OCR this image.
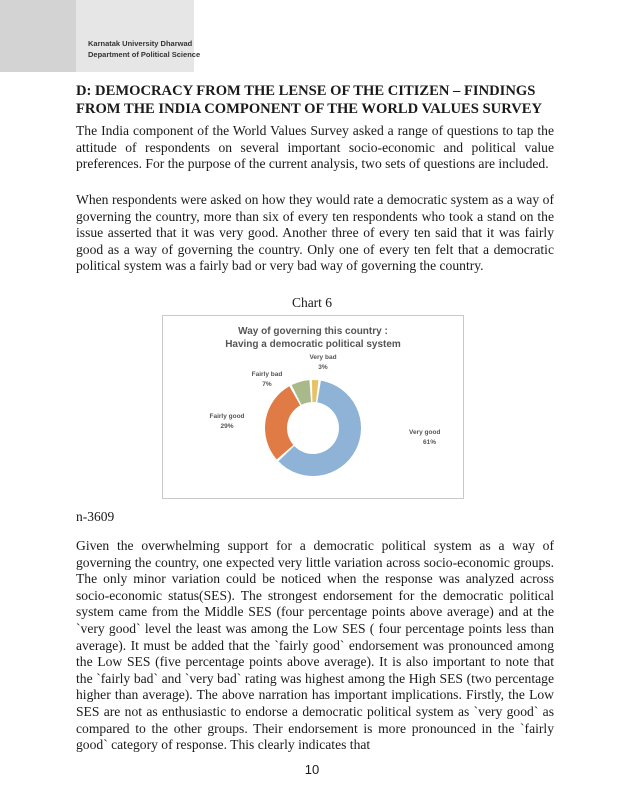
Karnatak University Dharwad
Department of Political Science
D: DEMOCRACY FROM THE LENSE OF THE CITIZEN – FINDINGS
FROM THE INDIA COMPONENT OF THE WORLD VALUES SURVEY

The India component of the World Values Survey asked a range of questions to tap the attitude of respondents on several important socio-economic and political value preferences. For the purpose of the current analysis, two sets of questions are included.

When respondents were asked on how they would rate a democratic system as a way of governing the country, more than six of every ten respondents who took a stand on the issue asserted that it was very good. Another three of every ten said that it was fairly good as a way of governing the country. Only one of every ten felt that a democratic political system was a fairly bad or very bad way of governing the country.

Chart 6
Way of governing this country :
Having a democratic political system
Very good
61%
Fairly good
29%
Fairly bad
7%
Very bad
3%
n-3609

Given the overwhelming support for a democratic political system as a way of governing the country, one expected very little variation across socio-economic groups. The only minor variation could be noticed when the response was analyzed across socio-economic status(SES). The strongest endorsement for the democratic political system came from the Middle SES (four percentage points above average) and at the `very good` level the least was among the Low SES ( four percentage points less than average). It must be added that the `fairly good` endorsement was pronounced among the Low SES (five percentage points above average). It is also important to note that the `fairly bad` and `very bad` rating was highest among the High SES (two percentage higher than average). The above narration has important implications. Firstly, the Low SES are not as enthusiastic to endorse a democratic political system as `very good` as compared to the other groups. Their endorsement is more pronounced in the `fairly good` category of response. This clearly indicates that

10
